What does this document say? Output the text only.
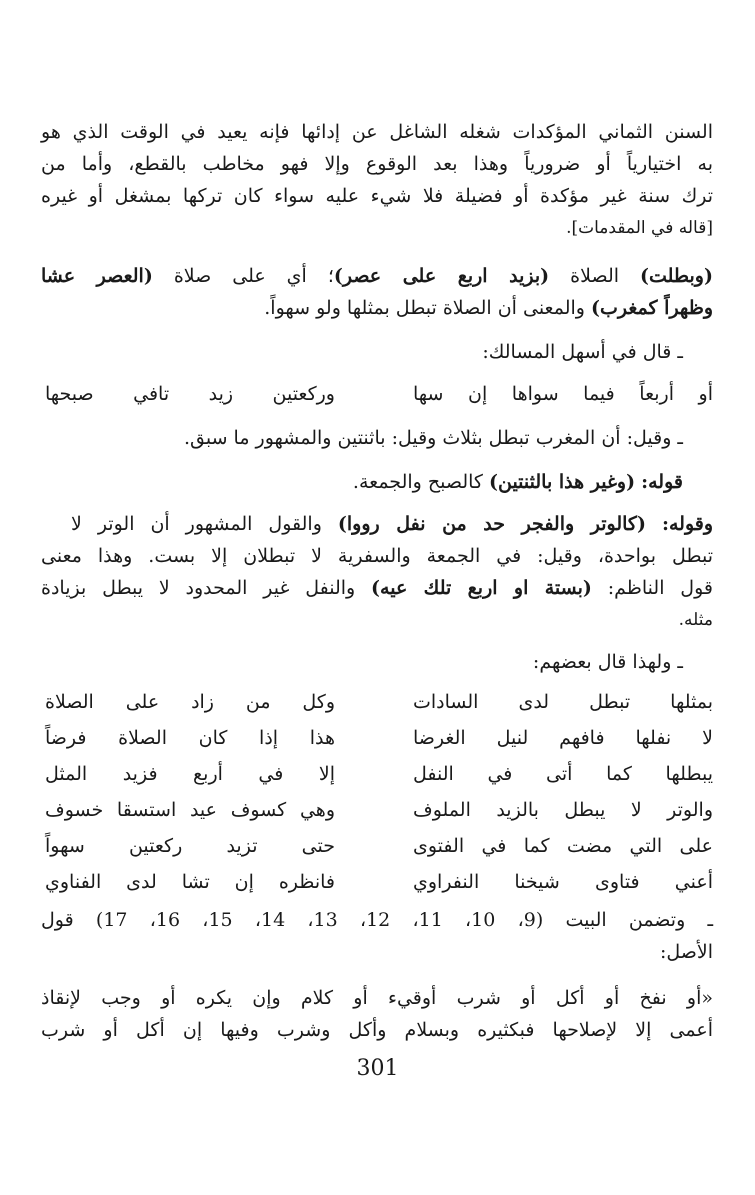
السنن الثماني المؤكدات شغله الشاغل عن إدائها فإنه يعيد في الوقت الذي هو
به اختيارياً أو ضرورياً وهذا بعد الوقوع وإلا فهو مخاطب بالقطع، وأما من
ترك سنة غير مؤكدة أو فضيلة فلا شيء عليه سواء كان تركها بمشغل أو غيره
[قاله في المقدمات].
(وبطلت) الصلاة (بزيد اربع على عصر)؛ أي على صلاة (العصر عشا
وظهراً كمغرب) والمعنى أن الصلاة تبطل بمثلها ولو سهواً.
ـ قال في أسهل المسالك:
وركعتين زيد تافي صبحها	أو أربعاً فيما سواها إن سها
ـ وقيل: أن المغرب تبطل بثلاث وقيل: باثنتين والمشهور ما سبق.
قوله: (وغير هذا بالثنتين) كالصبح والجمعة.
وقوله: (كالوتر والفجر حد من نفل رووا) والقول المشهور أن الوتر لا
تبطل بواحدة، وقيل: في الجمعة والسفرية لا تبطلان إلا بست. وهذا معنى
قول الناظم: (بستة او اربع تلك عيه) والنفل غير المحدود لا يبطل بزيادة
مثله.
ـ ولهذا قال بعضهم:
وكل من زاد على الصلاة	بمثلها تبطل لدى السادات
هذا إذا كان الصلاة فرضاً	لا نفلها فافهم لنيل الغرضا
إلا في أربع فزيد المثل	يبطلها كما أتى في النفل
وهي كسوف عيد استسقا خسوف	والوتر لا يبطل بالزيد الملوف
حتى تزيد ركعتين سهواً	على التي مضت كما في الفتوى
فانظره إن تشا لدى الفناوي	أعني فتاوى شيخنا النفراوي
ـ وتضمن البيت (9، 10، 11، 12، 13، 14، 15، 16، 17) قول
الأصل:
«أو نفخ أو أكل أو شرب أوقيء أو كلام وإن يكره أو وجب لإنقاذ
أعمى إلا لإصلاحها فبكثيره وبسلام وأكل وشرب وفيها إن أكل أو شرب
301
